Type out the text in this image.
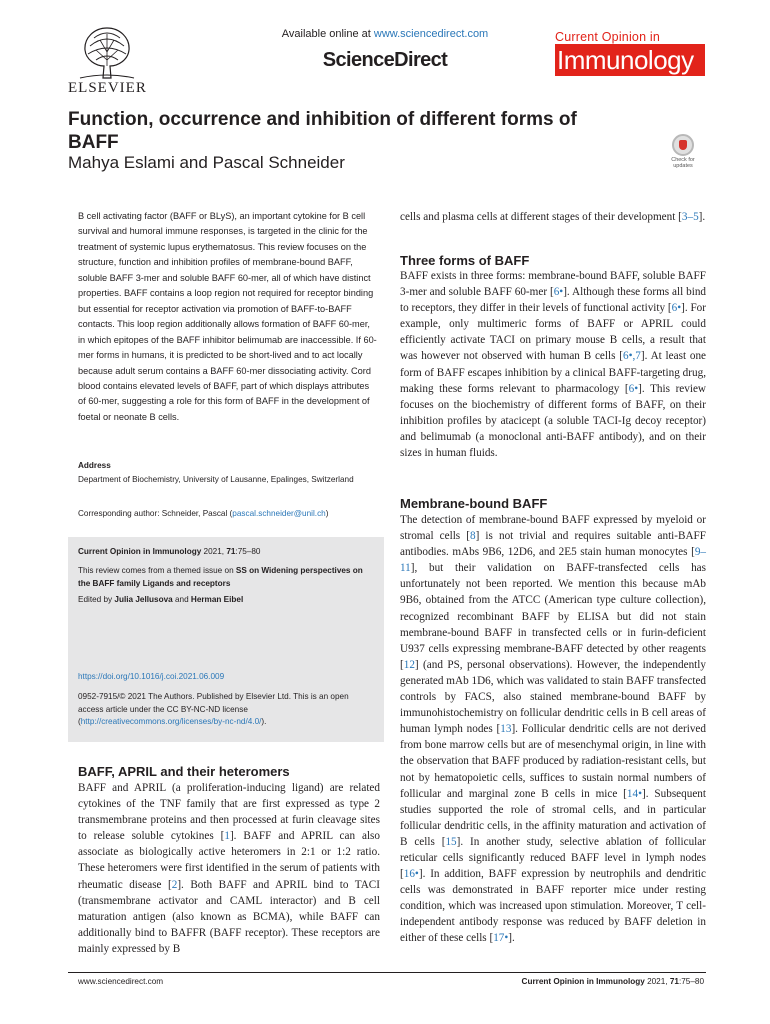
ELSEVIER
Available online at www.sciencedirect.com
ScienceDirect
Current Opinion in
Immunology
Function, occurrence and inhibition of different forms of BAFF
Mahya Eslami and Pascal Schneider	Check for updates

B cell activating factor (BAFF or BLyS), an important cytokine for B cell survival and humoral immune responses, is targeted in the clinic for the treatment of systemic lupus erythematosus. This review focuses on the structure, function and inhibition profiles of membrane-bound BAFF, soluble BAFF 3-mer and soluble BAFF 60-mer, all of which have distinct properties. BAFF contains a loop region not required for receptor binding but essential for receptor activation via promotion of BAFF-to-BAFF contacts. This loop region additionally allows formation of BAFF 60-mer, in which epitopes of the BAFF inhibitor belimumab are inaccessible. If 60-mer forms in humans, it is predicted to be short-lived and to act locally because adult serum contains a BAFF 60-mer dissociating activity. Cord blood contains elevated levels of BAFF, part of which displays attributes of 60-mer, suggesting a role for this form of BAFF in the development of foetal or neonate B cells.

Address
Department of Biochemistry, University of Lausanne, Epalinges, Switzerland
Corresponding author: Schneider, Pascal (pascal.schneider@unil.ch)
Current Opinion in Immunology 2021, 71:75–80
This review comes from a themed issue on SS on Widening perspectives on the BAFF family Ligands and receptors
Edited by Julia Jellusova and Herman Eibel
https://doi.org/10.1016/j.coi.2021.06.009
0952-7915/© 2021 The Authors. Published by Elsevier Ltd. This is an open access article under the CC BY-NC-ND license (http://creativecommons.org/licenses/by-nc-nd/4.0/).
BAFF, APRIL and their heteromers

BAFF and APRIL (a proliferation-inducing ligand) are related cytokines of the TNF family that are first expressed as type 2 transmembrane proteins and then processed at furin cleavage sites to release soluble cytokines [1]. BAFF and APRIL can also associate as biologically active heteromers in 2:1 or 1:2 ratio. These heteromers were first identified in the serum of patients with rheumatic disease [2]. Both BAFF and APRIL bind to TACI (transmembrane activator and CAML interactor) and B cell maturation antigen (also known as BCMA), while BAFF can additionally bind to BAFFR (BAFF receptor). These receptors are mainly expressed by B

cells and plasma cells at different stages of their development [3–5].

Three forms of BAFF

BAFF exists in three forms: membrane-bound BAFF, soluble BAFF 3-mer and soluble BAFF 60-mer [6•]. Although these forms all bind to receptors, they differ in their levels of functional activity [6•]. For example, only multimeric forms of BAFF or APRIL could efficiently activate TACI on primary mouse B cells, a result that was however not observed with human B cells [6•,7]. At least one form of BAFF escapes inhibition by a clinical BAFF-targeting drug, making these forms relevant to pharmacology [6•]. This review focuses on the biochemistry of different forms of BAFF, on their inhibition profiles by atacicept (a soluble TACI-Ig decoy receptor) and belimumab (a monoclonal anti-BAFF antibody), and on their sizes in human fluids.

Membrane-bound BAFF

The detection of membrane-bound BAFF expressed by myeloid or stromal cells [8] is not trivial and requires suitable anti-BAFF antibodies. mAbs 9B6, 12D6, and 2E5 stain human monocytes [9–11], but their validation on BAFF-transfected cells has unfortunately not been reported. We mention this because mAb 9B6, obtained from the ATCC (American type culture collection), recognized recombinant BAFF by ELISA but did not stain membrane-bound BAFF in transfected cells or in furin-deficient U937 cells expressing membrane-BAFF detected by other reagents [12] (and PS, personal observations). However, the independently generated mAb 1D6, which was validated to stain BAFF transfected controls by FACS, also stained membrane-bound BAFF by immunohistochemistry on follicular dendritic cells in B cell areas of human lymph nodes [13]. Follicular dendritic cells are not derived from bone marrow cells but are of mesenchymal origin, in line with the observation that BAFF produced by radiation-resistant cells, but not by hematopoietic cells, suffices to sustain normal numbers of follicular and marginal zone B cells in mice [14•]. Subsequent studies supported the role of stromal cells, and in particular follicular dendritic cells, in the affinity maturation and activation of B cells [15]. In another study, selective ablation of follicular reticular cells significantly reduced BAFF level in lymph nodes [16•]. In addition, BAFF expression by neutrophils and dendritic cells was demonstrated in BAFF reporter mice under resting condition, which was increased upon stimulation. Moreover, T cell-independent antibody response was reduced by BAFF deletion in either of these cells [17•].

www.sciencedirect.com	Current Opinion in Immunology 2021, 71:75–80
